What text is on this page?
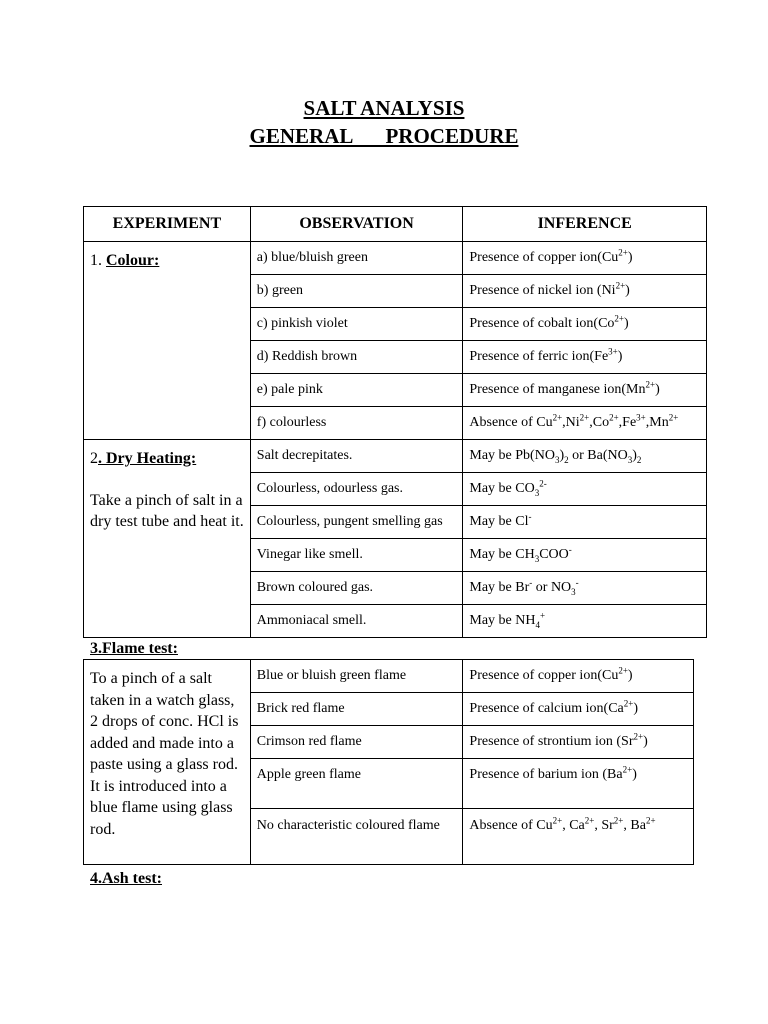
SALT ANALYSIS
GENERAL PROCEDURE
EXPERIMENT	OBSERVATION	INFERENCE
1. Colour:	a) blue/bluish green	Presence of copper $ion(Cu^{2+})$
	b) green	Presence of nickel ion $(Ni^{2+})$
	c) pinkish violet	Presence of cobalt $ion(Co^{2+})$
	d) Reddish brown	Presence of ferric $ion(Fe^{3+})$
	e) pale pink	Presence of manganese $ion(Mn^{2+})$
	f) colourless	Absence of $Cu^{2+},Ni^{2+},Co^{2+},Fe^{3+},Mn^{2+}$

2. Dry Heating:
Take a pinch of salt in a dry test tube and heat it.	Salt decrepitates.	May be $Pb(NO_3)_2$ or $Ba(NO_3)_2$
	Colourless, odourless gas.	May be $CO_3^{2-}$
	Colourless, pungent smelling gas	May be Cl-
	Vinegar like smell.	May be $CH_3COO^-$
	Brown coloured gas.	May be Br- or $NO_3^-$
	Ammoniacal smell.	May be $NH_4^+$
3.Flame test:
To a pinch of a salt taken in a watch glass, 2 drops of conc. HCl is added and made into a paste using a glass rod. It is introduced into a blue flame using glass rod.	Blue or bluish green flame	Presence of copper $ion(Cu^{2+})$
	Brick red flame	Presence of calcium $ion(Ca^{2+})$
	Crimson red flame	Presence of strontium ion $(Sr^{2+})$
	Apple green flame	Presence of barium ion $(Ba^{2+})$
	No characteristic coloured flame	Absence of $Cu^{2+}$, $Ca^{2+}$, $Sr^{2+}$, $Ba^{2+}$
4.Ash test:
